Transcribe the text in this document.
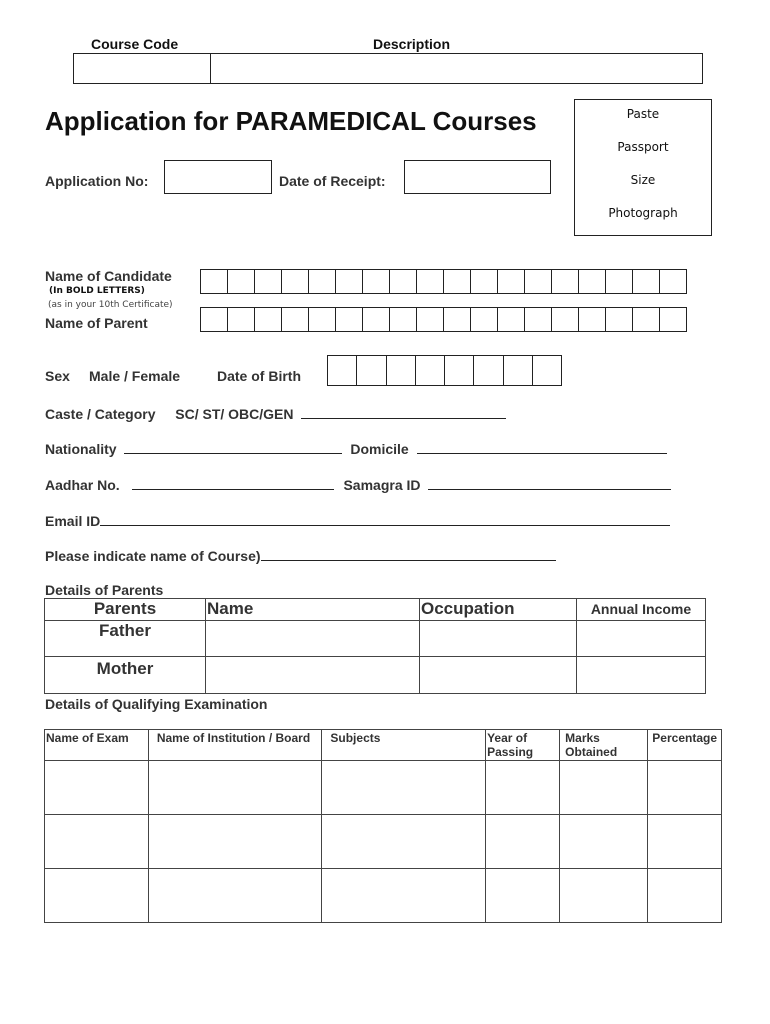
Course Code	Description
Application for PARAMEDICAL Courses	Paste
Passport
Size
Photograph
Application No:	Date of Receipt:
Name of Candidate
(In BOLD LETTERS)
(as in your 10th Certificate)
Name of Parent
Sex Male / Female	Date of Birth
Caste / Category SC/ ST/ OBC/GEN
Nationality	Domicile
Aadhar No.	Samagra ID
Email ID
Please indicate name of Course)
Details of Parents
Parents	Name	Occupation	Annual Income
Father			
Mother			
Details of Qualifying Examination
Name of Exam	Name of Institution / Board	Subjects	Year of Passing	Marks Obtained	Percentage
